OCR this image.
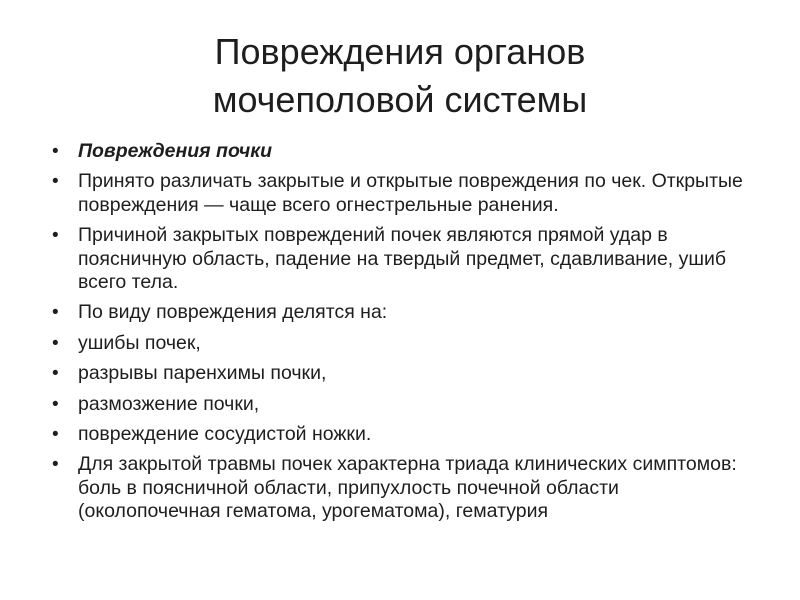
Повреждения органов
мочеполовой системы
• Повреждения почки
• Принято различать закрытые и открытые повреждения по чек. Открытые повреждения — чаще всего огнестрельные ранения.
• Причиной закрытых повреждений почек являются прямой удар в поясничную область, падение на твердый предмет, сдавливание, ушиб всего тела.
• По виду повреждения делятся на:
• ушибы почек,
• разрывы паренхимы почки,
• размозжение почки,
• повреждение сосудистой ножки.
• Для закрытой травмы почек характерна триада клинических симптомов: боль в поясничной области, припухлость почечной области (околопочечная гематома, урогематома), гематурия
